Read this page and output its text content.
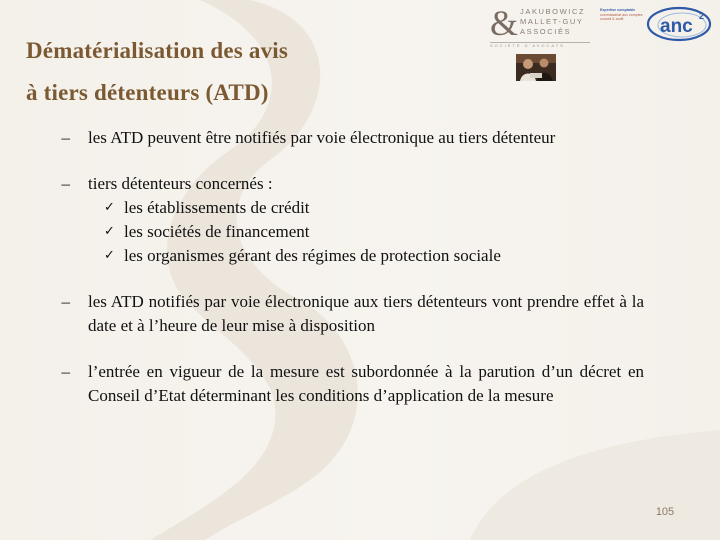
Dématérialisation des avis
à tiers détenteurs (ATD)
& JAKUBOWICZ
MALLET-GUY
ASSOCIÉS
SOCIÉTÉ D'AVOCATS
Expertise comptable
commissariat aux comptes
conseil & audit	anc 2
–	les ATD peuvent être notifiés par voie électronique au tiers détenteur
–	tiers détenteurs concernés :
✓ les établissements de crédit
✓ les sociétés de financement
✓ les organismes gérant des régimes de protection sociale
–	les ATD notifiés par voie électronique aux tiers détenteurs vont prendre effet à la date et à l’heure de leur mise à disposition
–	l’entrée en vigueur de la mesure est subordonnée à la parution d’un décret en Conseil d’Etat déterminant les conditions d’application de la mesure
105
